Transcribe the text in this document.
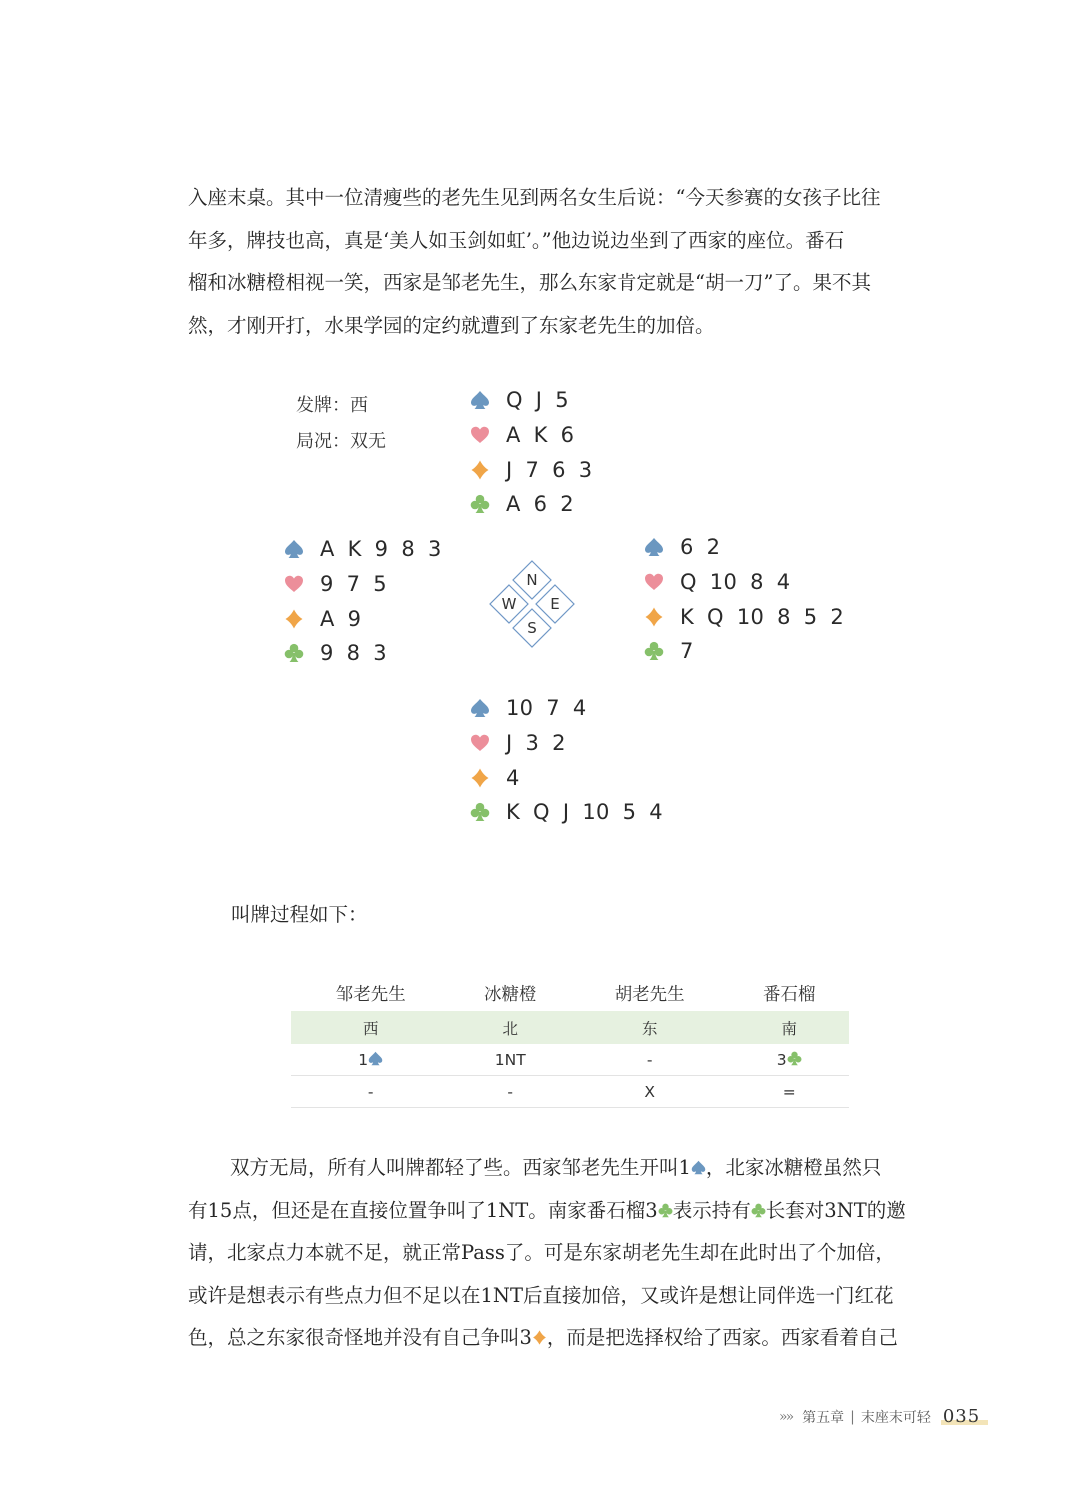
入座末桌。其中一位清瘦些的老先生见到两名女生后说：“今天参赛的女孩子比往
年多，牌技也高，真是‘美人如玉剑如虹’。”他边说边坐到了西家的座位。番石
榴和冰糖橙相视一笑，西家是邹老先生，那么东家肯定就是“胡一刀”了。果不其
然，才刚开打，水果学园的定约就遭到了东家老先生的加倍。
发牌：西
局况：双无
Q J 5
A K 6
J 7 6 3
A 6 2
A K 9 8 3
9 7 5
A 9
9 8 3
N
W E
S
6 2
Q 10 8 4
K Q 10 8 5 2
7
10 7 4
J 3 2
4
K Q J 10 5 4
叫牌过程如下：
邹老先生	冰糖橙	胡老先生	番石榴
西	北	东	南
1	1NT	-	3

-	-	X	=
双方无局，所有人叫牌都轻了些。西家邹老先生开叫1 ，北家冰糖橙虽然只
有15点，但还是在直接位置争叫了1NT。南家番石榴3 表示持有 长套对3NT的邀
请，北家点力本就不足，就正常Pass了。可是东家胡老先生却在此时出了个加倍，
或许是想表示有些点力但不足以在1NT后直接加倍，又或许是想让同伴选一门红花
色，总之东家很奇怪地并没有自己争叫3 ，而是把选择权给了西家。西家看着自己
»» 第五章 | 末座末可轻 035
